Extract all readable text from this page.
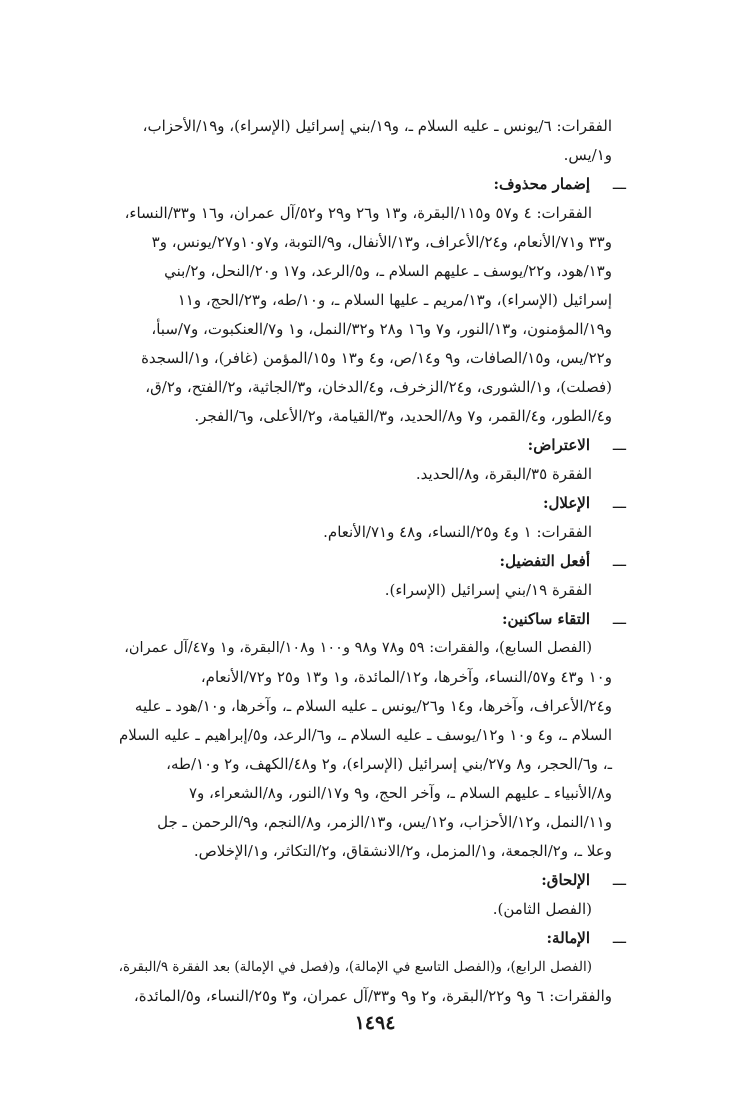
الفقرات: ٦/يونس ـ عليه السلام ـ، و١٩/بني إسرائيل (الإسراء)، و١٩/الأحزاب،
و١/يس.
ـــ
إضمار محذوف:
الفقرات: ٤ و٥٧ و١١٥/البقرة، و١٣ و٢٦ و٢٩ و٥٢/آل عمران، و١٦ و٣٣/النساء،
و٣٣ و٧١/الأنعام، و٢٤/الأعراف، و١٣/الأنفال، و٩/التوبة، و٧و١٠و٢٧/يونس، و٣
و١٣/هود، و٢٢/يوسف ـ عليهم السلام ـ، و٥/الرعد، و١٧ و٢٠/النحل، و٢/بني
إسرائيل (الإسراء)، و١٣/مريم ـ عليها السلام ـ، و١٠/طه، و٢٣/الحج، و١١
و١٩/المؤمنون، و١٣/النور، و٧ و١٦ و٢٨ و٣٢/النمل، و١ و٧/العنكبوت، و٧/سبأ،
و٢٢/يس، و١٥/الصافات، و٩ و١٤/ص، و٤ و١٣ و١٥/المؤمن (غافر)، و١/السجدة
(فصلت)، و١/الشورى، و٢٤/الزخرف، و٤/الدخان، و٣/الجاثية، و٢/الفتح، و٢/ق،
و٤/الطور، و٤/القمر، و٧ و٨/الحديد، و٣/القيامة، و٢/الأعلى، و٦/الفجر.
ـــ
الاعتراض:
الفقرة ٣٥/البقرة، و٨/الحديد.
ـــ
الإعلال:
الفقرات: ١ و٤ و٢٥/النساء، و٤٨ و٧١/الأنعام.
ـــ
أفعل التفضيل:
الفقرة ١٩/بني إسرائيل (الإسراء).
ـــ
التقاء ساكنين:
(الفصل السابع)، والفقرات: ٥٩ و٧٨ و٩٨ و١٠٠ و١٠٨/البقرة، و١ و٤٧/آل عمران،
و١٠ و٤٣ و٥٧/النساء، وآخرها، و١٢/المائدة، و١ و١٣ و٢٥ و٧٢/الأنعام،
و٢٤/الأعراف، وآخرها، و١٤ و٢٦/يونس ـ عليه السلام ـ، وآخرها، و١٠/هود ـ عليه
السلام ـ، و٤ و١٠ و١٢/يوسف ـ عليه السلام ـ، و٦/الرعد، و٥/إبراهيم ـ عليه السلام
ـ، و٦/الحجر، و٨ و٢٧/بني إسرائيل (الإسراء)، و٢ و٤٨/الكهف، و٢ و١٠/طه،
و٨/الأنبياء ـ عليهم السلام ـ، وآخر الحج، و٩ و١٧/النور، و٨/الشعراء، و٧
و١١/النمل، و١٢/الأحزاب، و١٢/يس، و١٣/الزمر، و٨/النجم، و٩/الرحمن ـ جل
وعلا ـ، و٢/الجمعة، و١/المزمل، و٢/الانشقاق، و٢/التكاثر، و١/الإخلاص.
ـــ
الإلحاق:
(الفصل الثامن).
ـــ
الإمالة:
(الفصل الرابع)، و(الفصل التاسع في الإمالة)، و(فصل في الإمالة) بعد الفقرة ٩/البقرة،
والفقرات: ٦ و٩ و٢٢/البقرة، و٢ و٩ و٣٣/آل عمران، و٣ و٢٥/النساء، و٥/المائدة،
١٤٩٤
